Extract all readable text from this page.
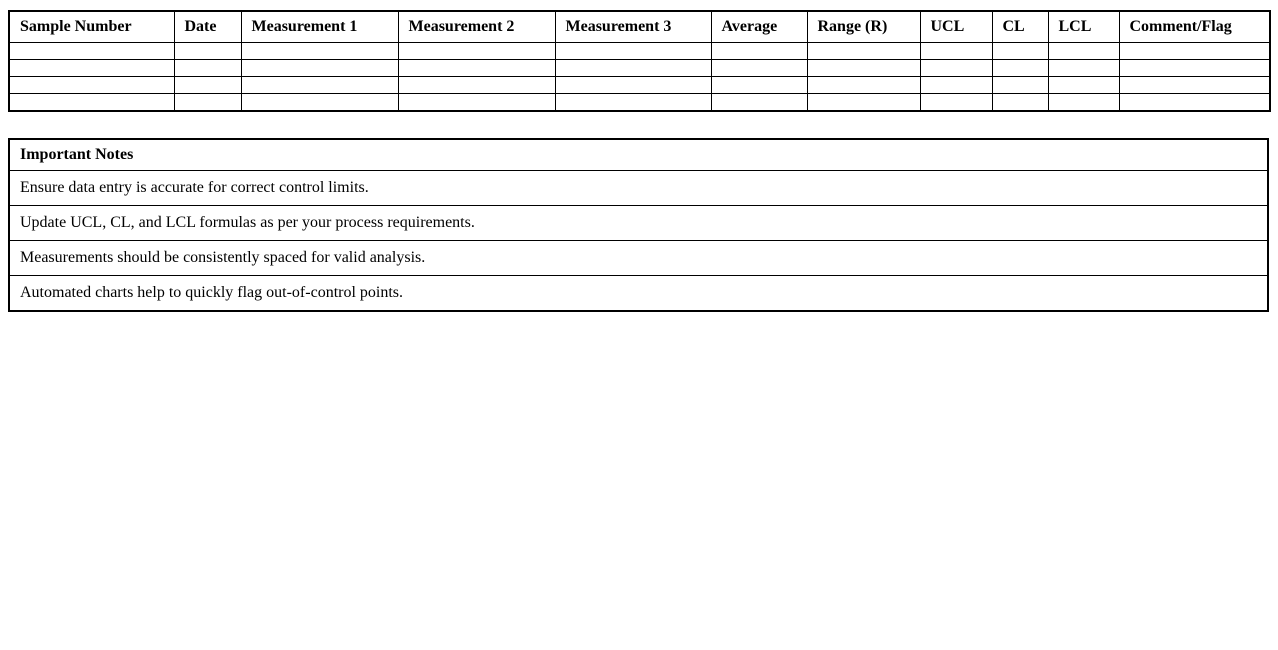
Sample Number	Date	Measurement 1	Measurement 2	Measurement 3	Average	Range (R)	UCL	CL	LCL	Comment/Flag

Important Notes
Ensure data entry is accurate for correct control limits.
Update UCL, CL, and LCL formulas as per your process requirements.
Measurements should be consistently spaced for valid analysis.
Automated charts help to quickly flag out-of-control points.
